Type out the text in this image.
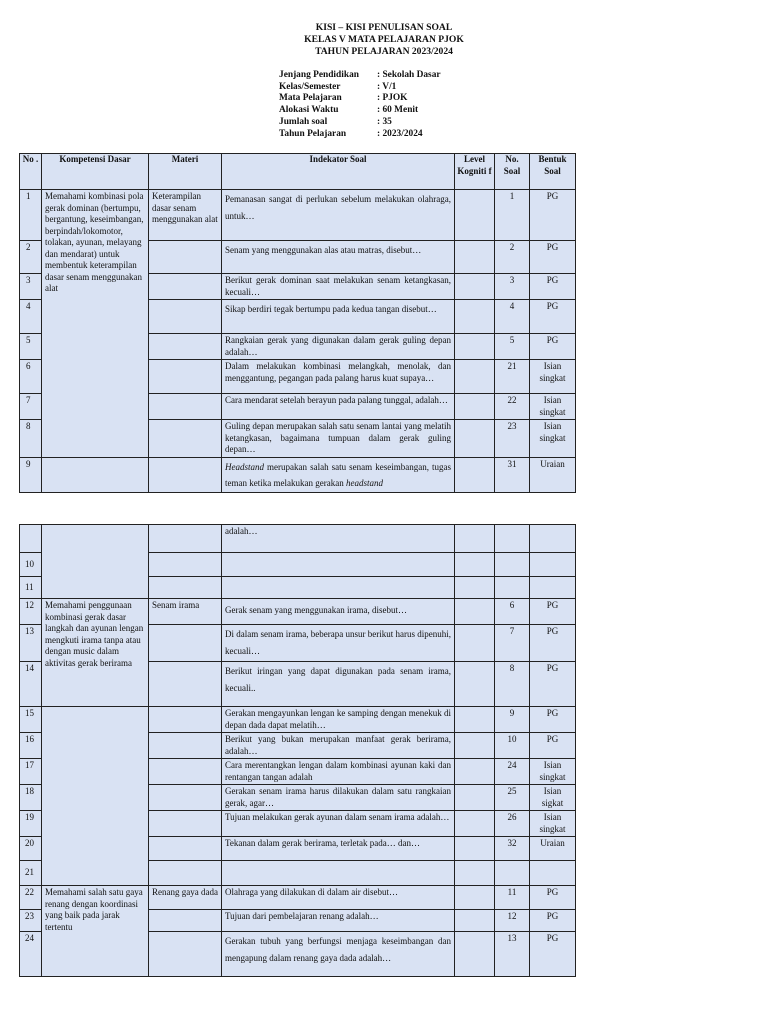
KISI – KISI PENULISAN SOAL
KELAS V MATA PELAJARAN PJOK
TAHUN PELAJARAN 2023/2024
Jenjang Pendidikan	: Sekolah Dasar
Kelas/Semester	: V/1
Mata Pelajaran	: PJOK
Alokasi Waktu	: 60 Menit
Jumlah soal	: 35
Tahun Pelajaran	: 2023/2024
No .	Kompetensi Dasar	Materi	Indekator Soal	Level Kogniti f	No. Soal	Bentuk Soal
1	Memahami kombinasi pola gerak dominan (bertumpu, bergantung, keseimbangan, berpindah/lokomotor, tolakan, ayunan, melayang dan mendarat) untuk membentuk keterampilan dasar senam menggunakan alat	Keterampilan dasar senam menggunakan alat	Pemanasan sangat di perlukan sebelum melakukan olahraga, untuk…		1	PG
2			Senam yang menggunakan alas atau matras, disebut…		2	PG
3			Berikut gerak dominan saat melakukan senam ketangkasan, kecuali…		3	PG
4			Sikap berdiri tegak bertumpu pada kedua tangan disebut…		4	PG
5			Rangkaian gerak yang digunakan dalam gerak guling depan adalah…		5	PG
6			Dalam melakukan kombinasi melangkah, menolak, dan menggantung, pegangan pada palang harus kuat supaya…		21	Isian singkat
7			Cara mendarat setelah berayun pada palang tunggal, adalah…		22	Isian singkat
8			Guling depan merupakan salah satu senam lantai yang melatih ketangkasan, bagaimana tumpuan dalam gerak guling depan…		23	Isian singkat
9			Headstand merupakan salah satu senam keseimbangan, tugas teman ketika melakukan gerakan headstand		31	Uraian
			adalah…			
10						
11						
12	Memahami penggunaan kombinasi gerak dasar langkah dan ayunan lengan mengkuti irama tanpa atau dengan music dalam aktivitas gerak berirama	Senam irama	Gerak senam yang menggunakan irama, disebut…		6	PG
13			Di dalam senam irama, beberapa unsur berikut harus dipenuhi, kecuali…		7	PG
14			Berikut iringan yang dapat digunakan pada senam irama, kecuali..		8	PG
15			Gerakan mengayunkan lengan ke samping dengan menekuk di depan dada dapat melatih…		9	PG
16			Berikut yang bukan merupakan manfaat gerak berirama, adalah…		10	PG
17			Cara merentangkan lengan dalam kombinasi ayunan kaki dan rentangan tangan adalah		24	Isian singkat
18			Gerakan senam irama harus dilakukan dalam satu rangkaian gerak, agar…		25	Isian sigkat
19			Tujuan melakukan gerak ayunan dalam senam irama adalah…		26	Isian singkat
20			Tekanan dalam gerak berirama, terletak pada… dan…		32	Uraian
21						
22	Memahami salah satu gaya renang dengan koordinasi yang baik pada jarak tertentu	Renang gaya dada	Olahraga yang dilakukan di dalam air disebut…		11	PG
23			Tujuan dari pembelajaran renang adalah…		12	PG
24			Gerakan tubuh yang berfungsi menjaga keseimbangan dan mengapung dalam renang gaya dada adalah…		13	PG
